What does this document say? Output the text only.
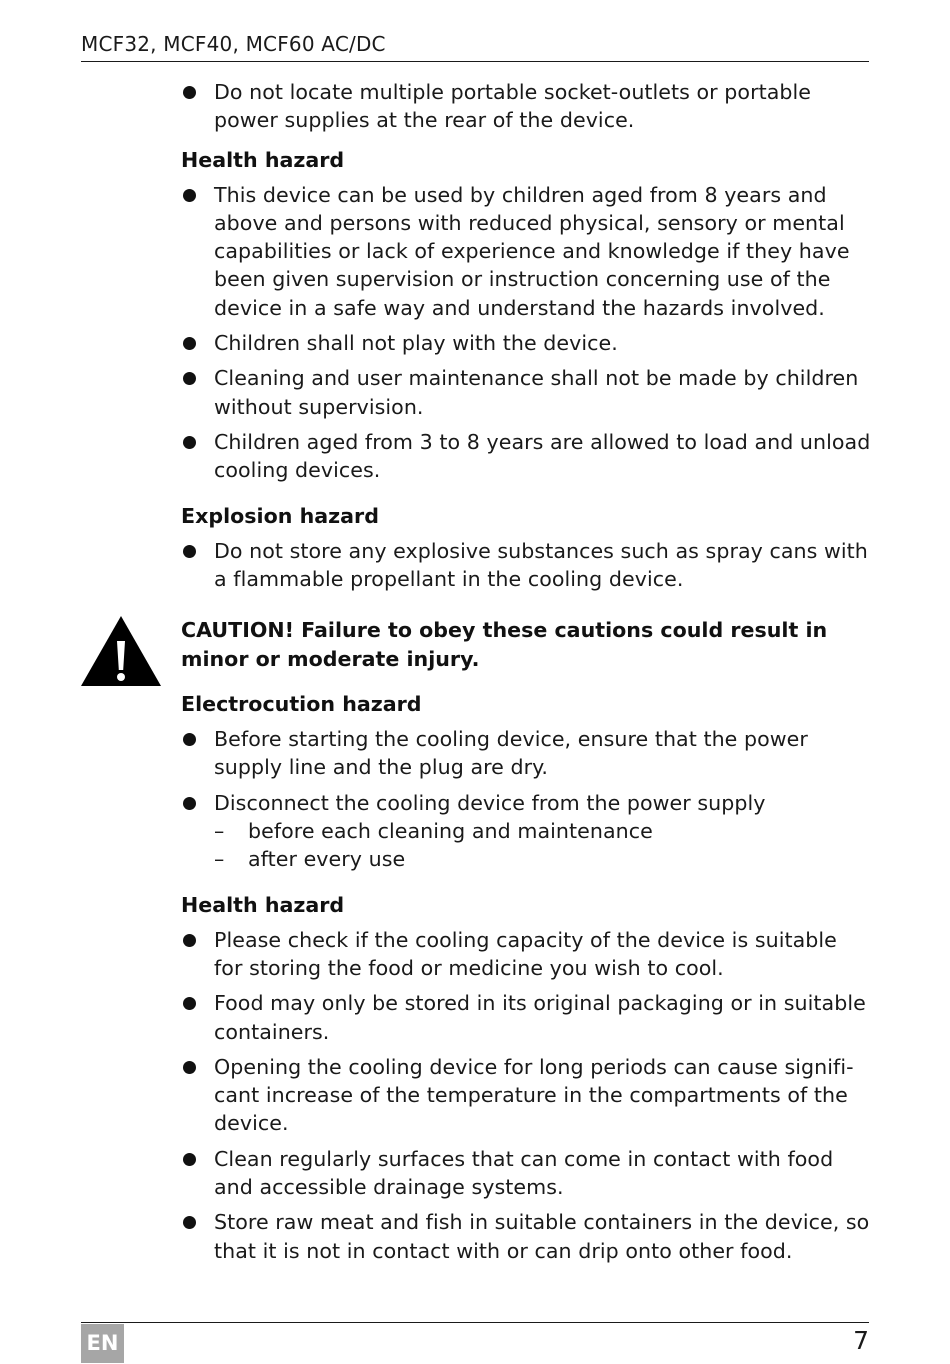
MCF32, MCF40, MCF60 AC/DC
Do not locate multiple portable socket-outlets or portable power supplies at the rear of the device.
Health hazard
This device can be used by children aged from 8 years and above and persons with reduced physical, sensory or mental capabilities or lack of experience and knowledge if they have been given supervision or instruction concerning use of the device in a safe way and understand the hazards involved.
Children shall not play with the device.
Cleaning and user maintenance shall not be made by children without supervision.
Children aged from 3 to 8 years are allowed to load and unload cooling devices.
Explosion hazard
Do not store any explosive substances such as spray cans with a flammable propellant in the cooling device.
CAUTION! Failure to obey these cautions could result in minor or moderate injury.
Electrocution hazard
Before starting the cooling device, ensure that the power supply line and the plug are dry.
Disconnect the cooling device from the power supply
– before each cleaning and maintenance
– after every use
Health hazard
Please check if the cooling capacity of the device is suitable for storing the food or medicine you wish to cool.
Food may only be stored in its original packaging or in suitable containers.
Opening the cooling device for long periods can cause signifi-cant increase of the temperature in the compartments of the device.
Clean regularly surfaces that can come in contact with food and accessible drainage systems.
Store raw meat and fish in suitable containers in the device, so that it is not in contact with or can drip onto other food.
EN	7
